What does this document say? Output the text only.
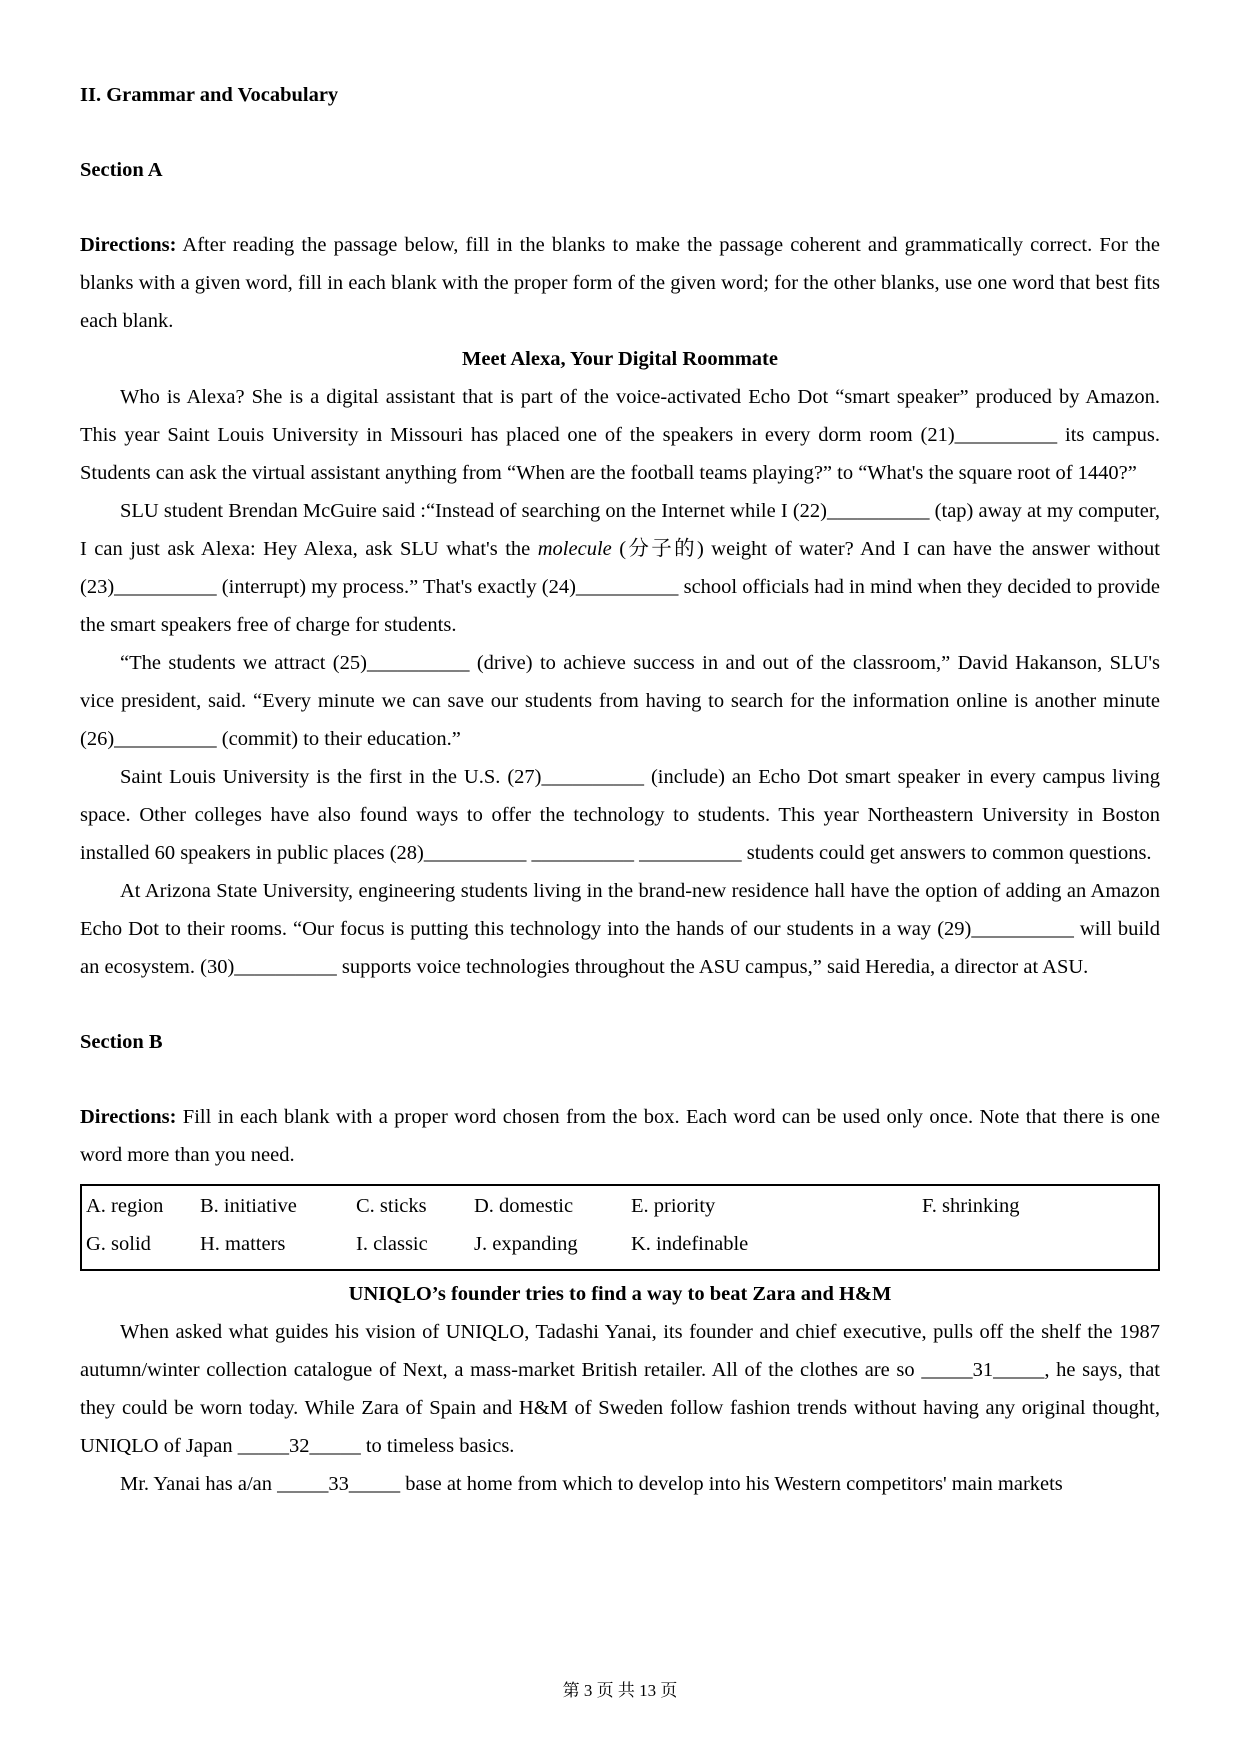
II. Grammar and Vocabulary

Section A

Directions: After reading the passage below, fill in the blanks to make the passage coherent and grammatically correct. For the blanks with a given word, fill in each blank with the proper form of the given word; for the other blanks, use one word that best fits each blank.

Meet Alexa, Your Digital Roommate

Who is Alexa? She is a digital assistant that is part of the voice-activated Echo Dot “smart speaker” produced by Amazon. This year Saint Louis University in Missouri has placed one of the speakers in every dorm room (21)__________ its campus. Students can ask the virtual assistant anything from “When are the football teams playing?” to “What's the square root of 1440?”

SLU student Brendan McGuire said :“Instead of searching on the Internet while I (22)__________ (tap) away at my computer, I can just ask Alexa: Hey Alexa, ask SLU what's the molecule (分子的) weight of water? And I can have the answer without (23)__________ (interrupt) my process.” That's exactly (24)__________ school officials had in mind when they decided to provide the smart speakers free of charge for students.

“The students we attract (25)__________ (drive) to achieve success in and out of the classroom,” David Hakanson, SLU's vice president, said. “Every minute we can save our students from having to search for the information online is another minute (26)__________ (commit) to their education.”

Saint Louis University is the first in the U.S. (27)__________ (include) an Echo Dot smart speaker in every campus living space. Other colleges have also found ways to offer the technology to students. This year Northeastern University in Boston installed 60 speakers in public places (28)__________ __________ __________ students could get answers to common questions.

At Arizona State University, engineering students living in the brand-new residence hall have the option of adding an Amazon Echo Dot to their rooms. “Our focus is putting this technology into the hands of our students in a way (29)__________ will build an ecosystem. (30)__________ supports voice technologies throughout the ASU campus,” said Heredia, a director at ASU.

Section B

Directions: Fill in each blank with a proper word chosen from the box. Each word can be used only once. Note that there is one word more than you need.

A. region B. initiative	C. sticks D. domestic	E. priority	F. shrinking
G. solid H. matters	I. classic J. expanding	K. indefinable

UNIQLO’s founder tries to find a way to beat Zara and H&M

When asked what guides his vision of UNIQLO, Tadashi Yanai, its founder and chief executive, pulls off the shelf the 1987 autumn/winter collection catalogue of Next, a mass-market British retailer. All of the clothes are so _____31_____, he says, that they could be worn today. While Zara of Spain and H&M of Sweden follow fashion trends without having any original thought, UNIQLO of Japan _____32_____ to timeless basics.

Mr. Yanai has a/an _____33_____ base at home from which to develop into his Western competitors' main markets

第 3 页 共 13 页
